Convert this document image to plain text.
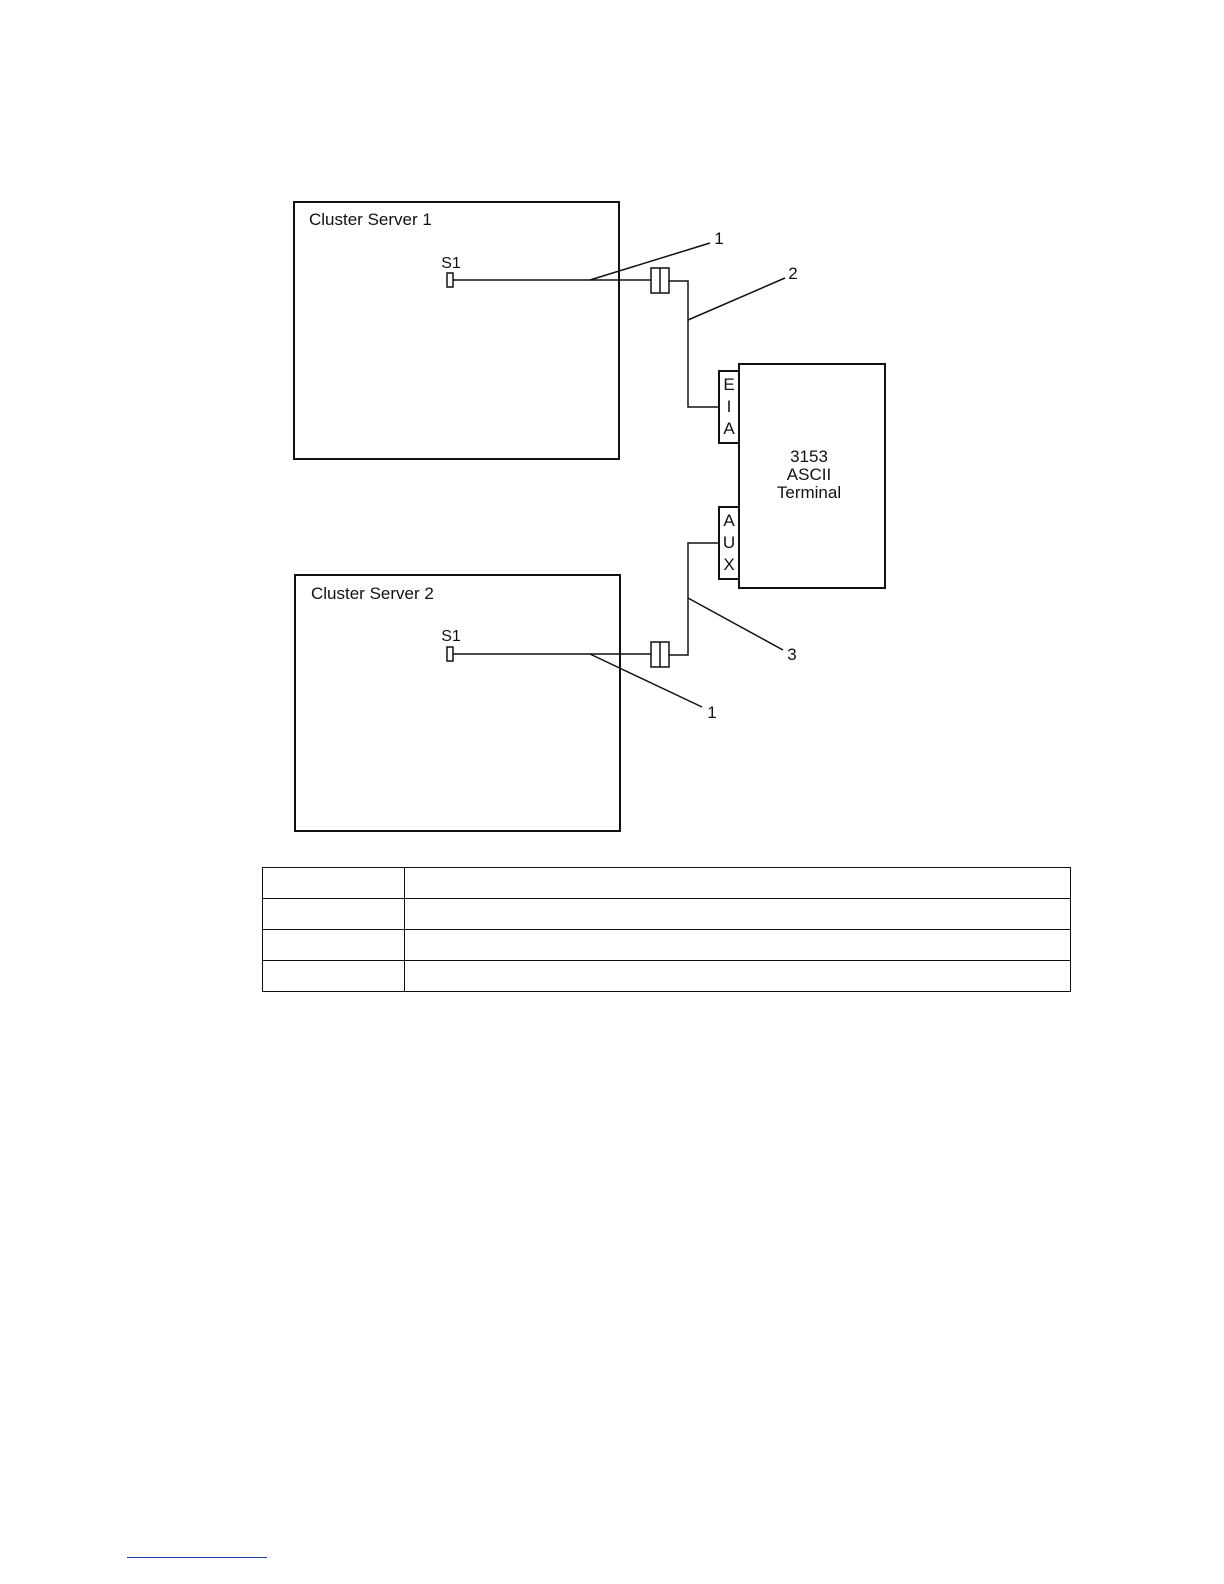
Cluster Server 1
Cluster Server 2
S1
S1
E
I
A
A
U
X
3153
ASCII
Terminal
1
2
3
1
